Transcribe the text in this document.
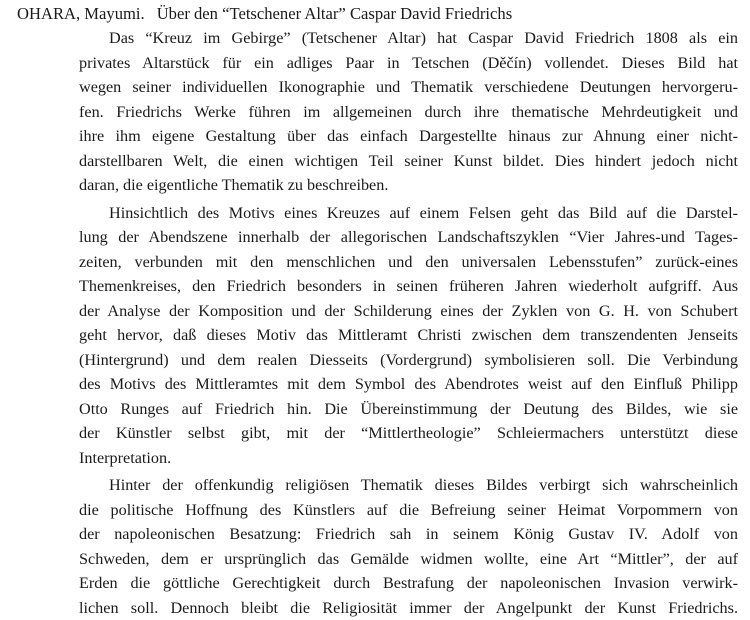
OHARA, Mayumi. Über den “Tetschener Altar” Caspar David Friedrichs
Das “Kreuz im Gebirge” (Tetschener Altar) hat Caspar David Friedrich 1808 als ein
privates Altarstück für ein adliges Paar in Tetschen (Děčín) vollendet. Dieses Bild hat
wegen seiner individuellen Ikonographie und Thematik verschiedene Deutungen hervorgeru-
fen. Friedrichs Werke führen im allgemeinen durch ihre thematische Mehrdeutigkeit und
ihre ihm eigene Gestaltung über das einfach Dargestellte hinaus zur Ahnung einer nicht-
darstellbaren Welt, die einen wichtigen Teil seiner Kunst bildet. Dies hindert jedoch nicht
daran, die eigentliche Thematik zu beschreiben.
Hinsichtlich des Motivs eines Kreuzes auf einem Felsen geht das Bild auf die Darstel-
lung der Abendszene innerhalb der allegorischen Landschaftszyklen “Vier Jahres-und Tages-
zeiten, verbunden mit den menschlichen und den universalen Lebensstufen” zurück-eines
Themenkreises, den Friedrich besonders in seinen früheren Jahren wiederholt aufgriff. Aus
der Analyse der Komposition und der Schilderung eines der Zyklen von G. H. von Schubert
geht hervor, daß dieses Motiv das Mittleramt Christi zwischen dem transzendenten Jenseits
(Hintergrund) und dem realen Diesseits (Vordergrund) symbolisieren soll. Die Verbindung
des Motivs des Mittleramtes mit dem Symbol des Abendrotes weist auf den Einfluß Philipp
Otto Runges auf Friedrich hin. Die Übereinstimmung der Deutung des Bildes, wie sie
der Künstler selbst gibt, mit der “Mittlertheologie” Schleiermachers unterstützt diese
Interpretation.
Hinter der offenkundig religiösen Thematik dieses Bildes verbirgt sich wahrscheinlich
die politische Hoffnung des Künstlers auf die Befreiung seiner Heimat Vorpommern von
der napoleonischen Besatzung: Friedrich sah in seinem König Gustav IV. Adolf von
Schweden, dem er ursprünglich das Gemälde widmen wollte, eine Art “Mittler”, der auf
Erden die göttliche Gerechtigkeit durch Bestrafung der napoleonischen Invasion verwirk-
lichen soll. Dennoch bleibt die Religiosität immer der Angelpunkt der Kunst Friedrichs.
